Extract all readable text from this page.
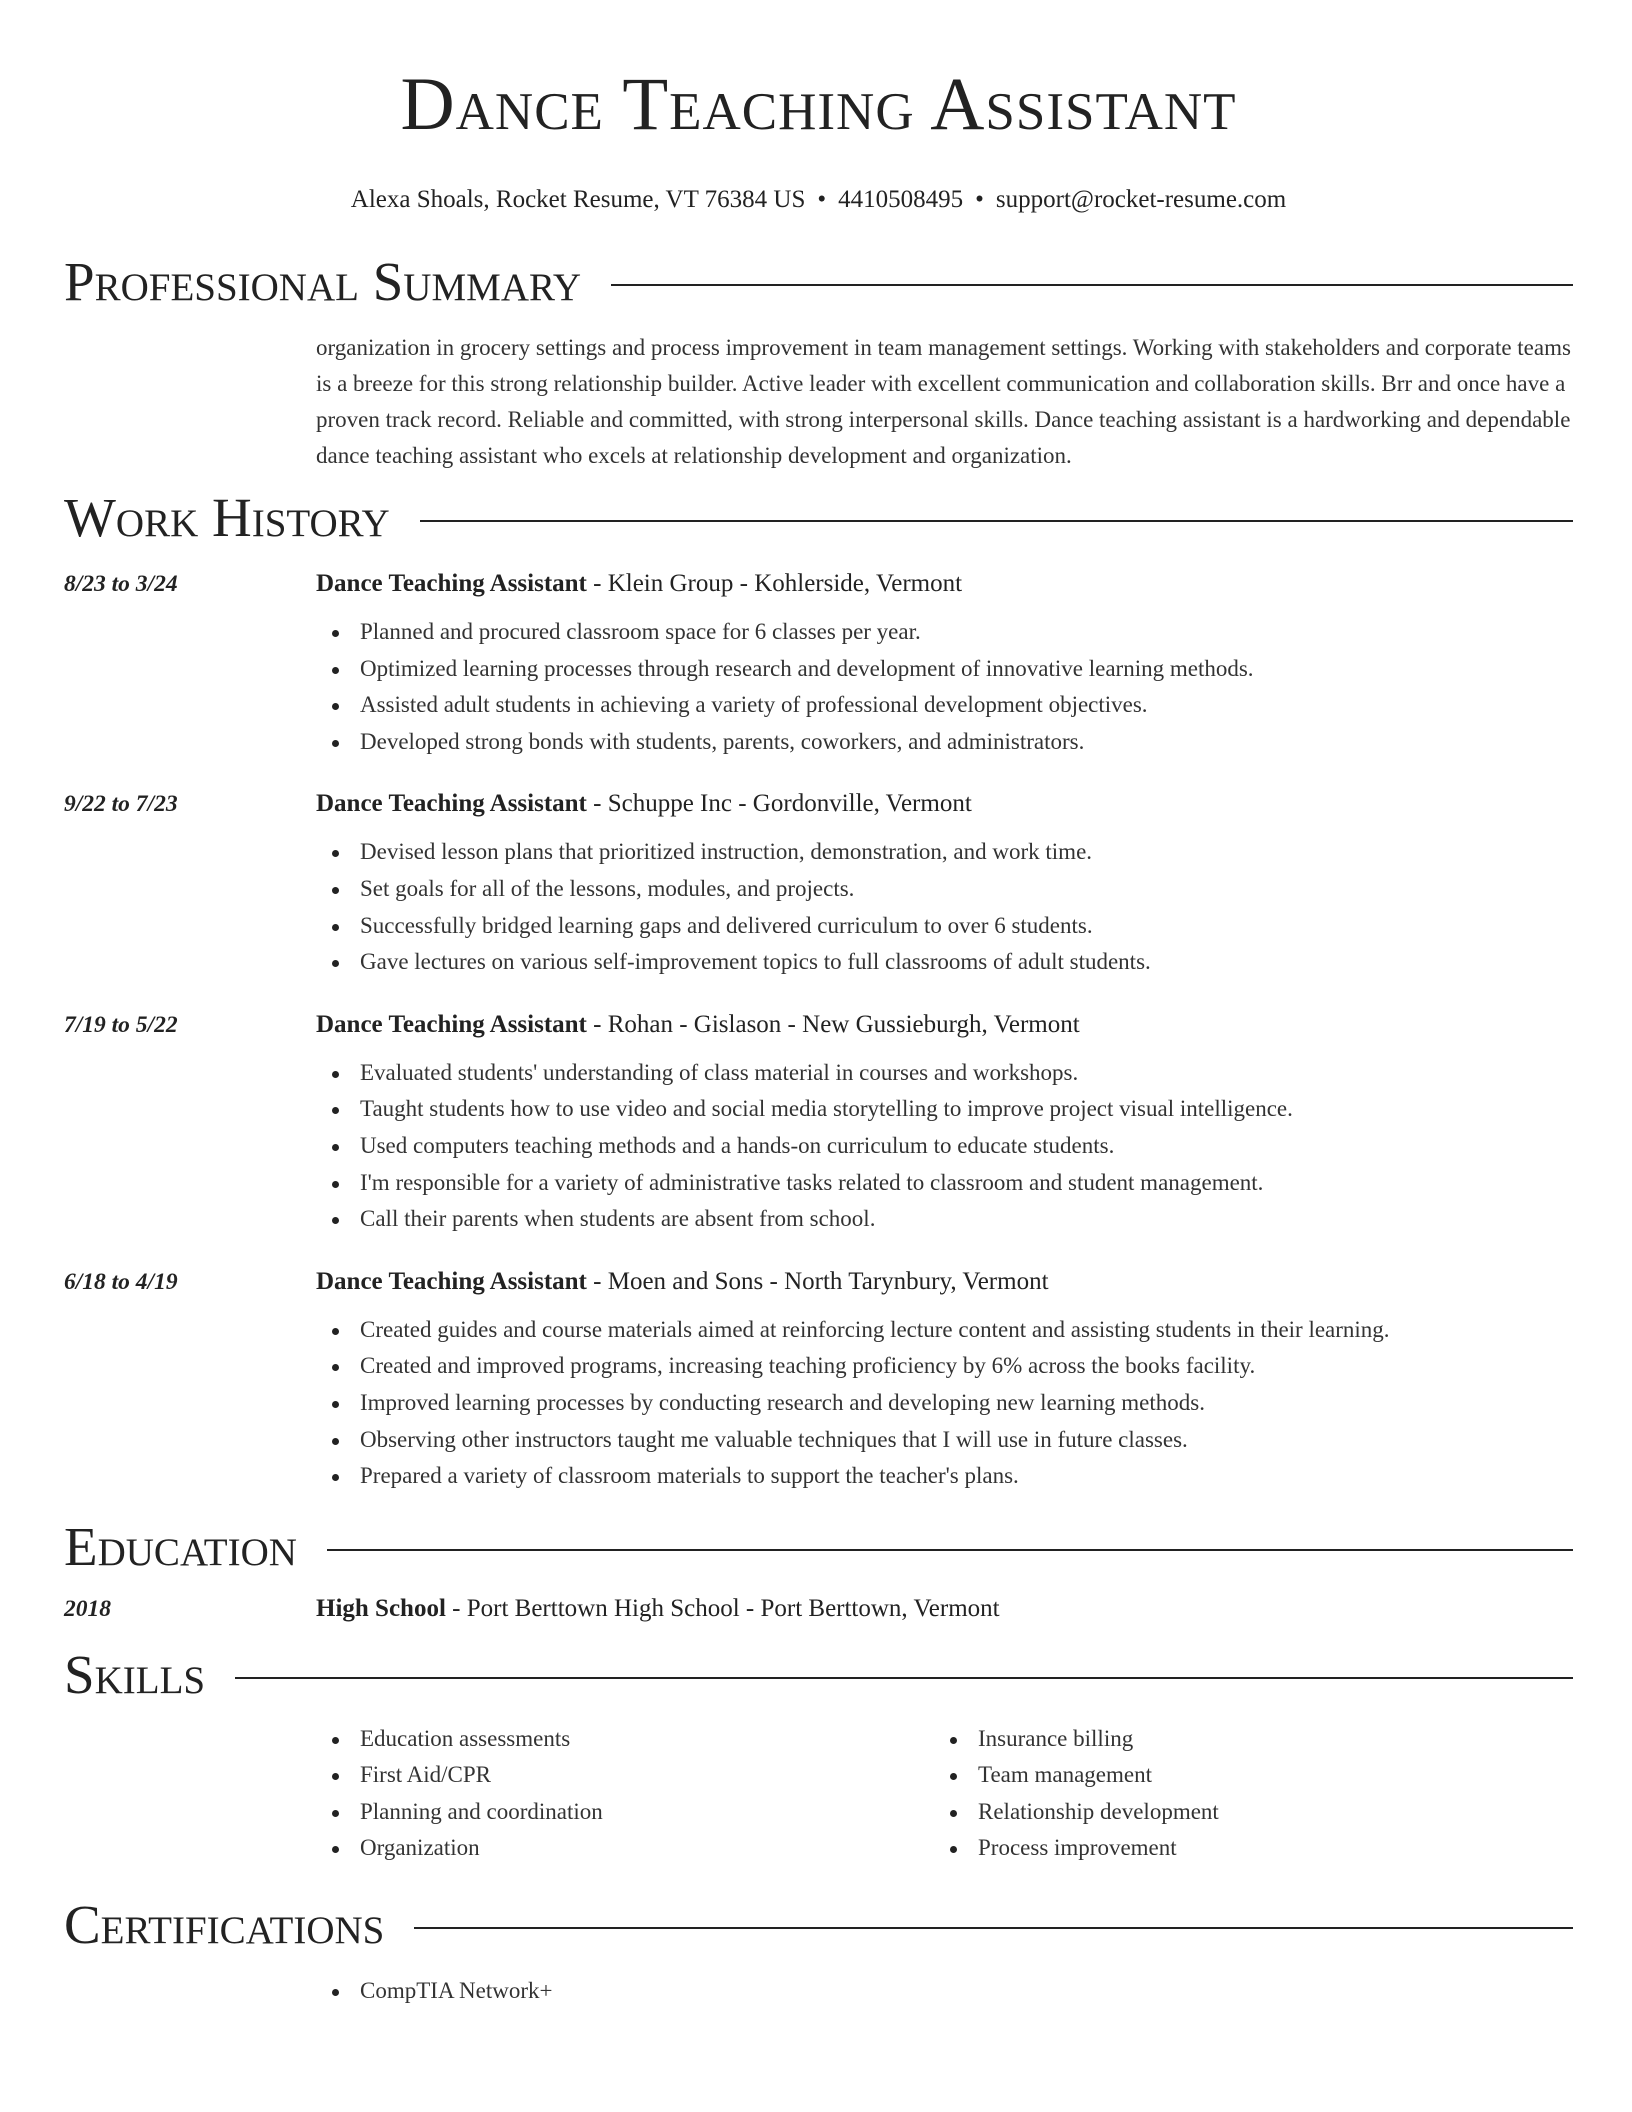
Dance Teaching Assistant
Alexa Shoals, Rocket Resume, VT 76384 US • 4410508495 • support@rocket-resume.com
Professional Summary
organization in grocery settings and process improvement in team management settings. Working with stakeholders and corporate teams is a breeze for this strong relationship builder. Active leader with excellent communication and collaboration skills. Brr and once have a proven track record. Reliable and committed, with strong interpersonal skills. Dance teaching assistant is a hardworking and dependable dance teaching assistant who excels at relationship development and organization.
Work History
8/23 to 3/24	Dance Teaching Assistant - Klein Group - Kohlerside, Vermont
Planned and procured classroom space for 6 classes per year.
Optimized learning processes through research and development of innovative learning methods.
Assisted adult students in achieving a variety of professional development objectives.
Developed strong bonds with students, parents, coworkers, and administrators.
9/22 to 7/23	Dance Teaching Assistant - Schuppe Inc - Gordonville, Vermont
Devised lesson plans that prioritized instruction, demonstration, and work time.
Set goals for all of the lessons, modules, and projects.
Successfully bridged learning gaps and delivered curriculum to over 6 students.
Gave lectures on various self-improvement topics to full classrooms of adult students.
7/19 to 5/22	Dance Teaching Assistant - Rohan - Gislason - New Gussieburgh, Vermont
Evaluated students' understanding of class material in courses and workshops.
Taught students how to use video and social media storytelling to improve project visual intelligence.
Used computers teaching methods and a hands-on curriculum to educate students.
I'm responsible for a variety of administrative tasks related to classroom and student management.
Call their parents when students are absent from school.
6/18 to 4/19	Dance Teaching Assistant - Moen and Sons - North Tarynbury, Vermont
Created guides and course materials aimed at reinforcing lecture content and assisting students in their learning.
Created and improved programs, increasing teaching proficiency by 6% across the books facility.
Improved learning processes by conducting research and developing new learning methods.
Observing other instructors taught me valuable techniques that I will use in future classes.
Prepared a variety of classroom materials to support the teacher's plans.
Education
2018	High School - Port Berttown High School - Port Berttown, Vermont
Skills
Education assessments
First Aid/CPR
Planning and coordination
Organization
Insurance billing
Team management
Relationship development
Process improvement
Certifications
CompTIA Network+
